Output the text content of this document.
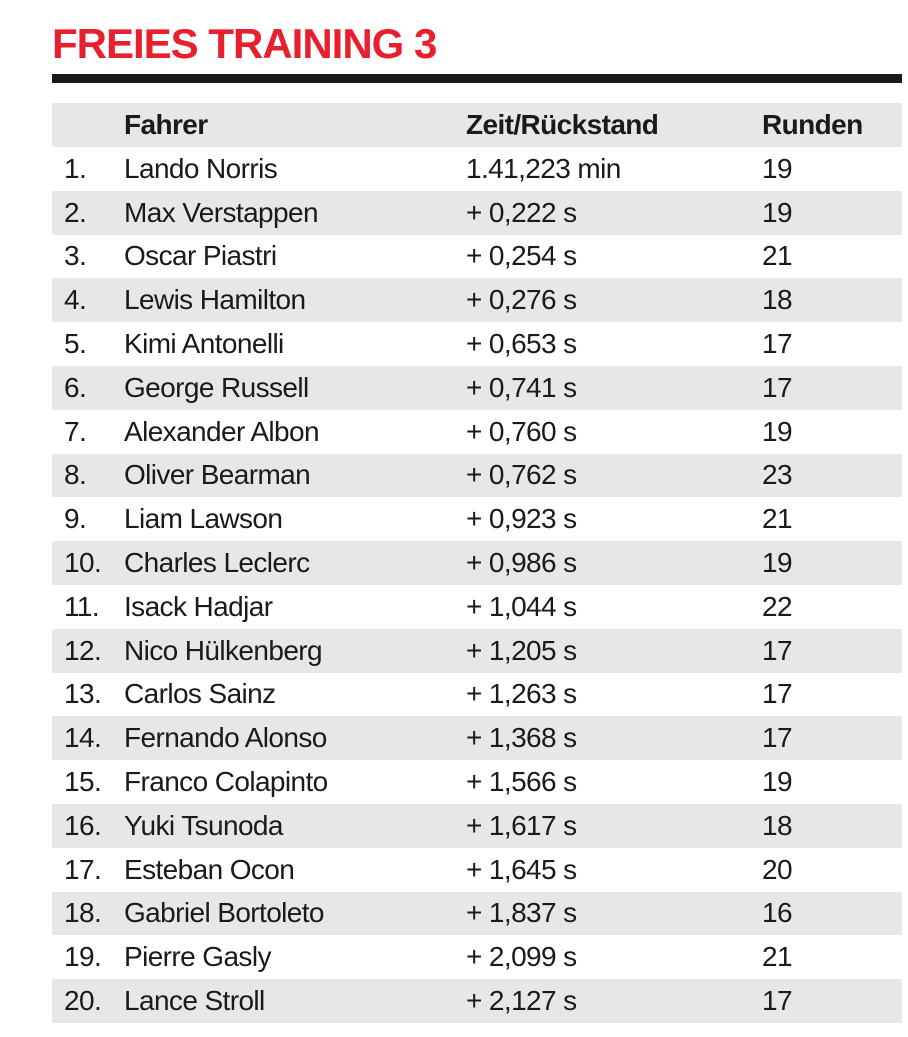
FREIES TRAINING 3
Fahrer	Zeit/Rückstand	Runden
1.	Lando Norris	1.41,223 min	19
2.	Max Verstappen	+ 0,222 s	19
3.	Oscar Piastri	+ 0,254 s	21
4.	Lewis Hamilton	+ 0,276 s	18
5.	Kimi Antonelli	+ 0,653 s	17
6.	George Russell	+ 0,741 s	17
7.	Alexander Albon	+ 0,760 s	19
8.	Oliver Bearman	+ 0,762 s	23
9.	Liam Lawson	+ 0,923 s	21
10. Charles Leclerc	+ 0,986 s	19
11. Isack Hadjar	+ 1,044 s	22
12. Nico Hülkenberg	+ 1,205 s	17
13. Carlos Sainz	+ 1,263 s	17
14. Fernando Alonso	+ 1,368 s	17
15. Franco Colapinto	+ 1,566 s	19
16. Yuki Tsunoda	+ 1,617 s	18
17. Esteban Ocon	+ 1,645 s	20
18. Gabriel Bortoleto	+ 1,837 s	16
19. Pierre Gasly	+ 2,099 s	21
20. Lance Stroll	+ 2,127 s	17
